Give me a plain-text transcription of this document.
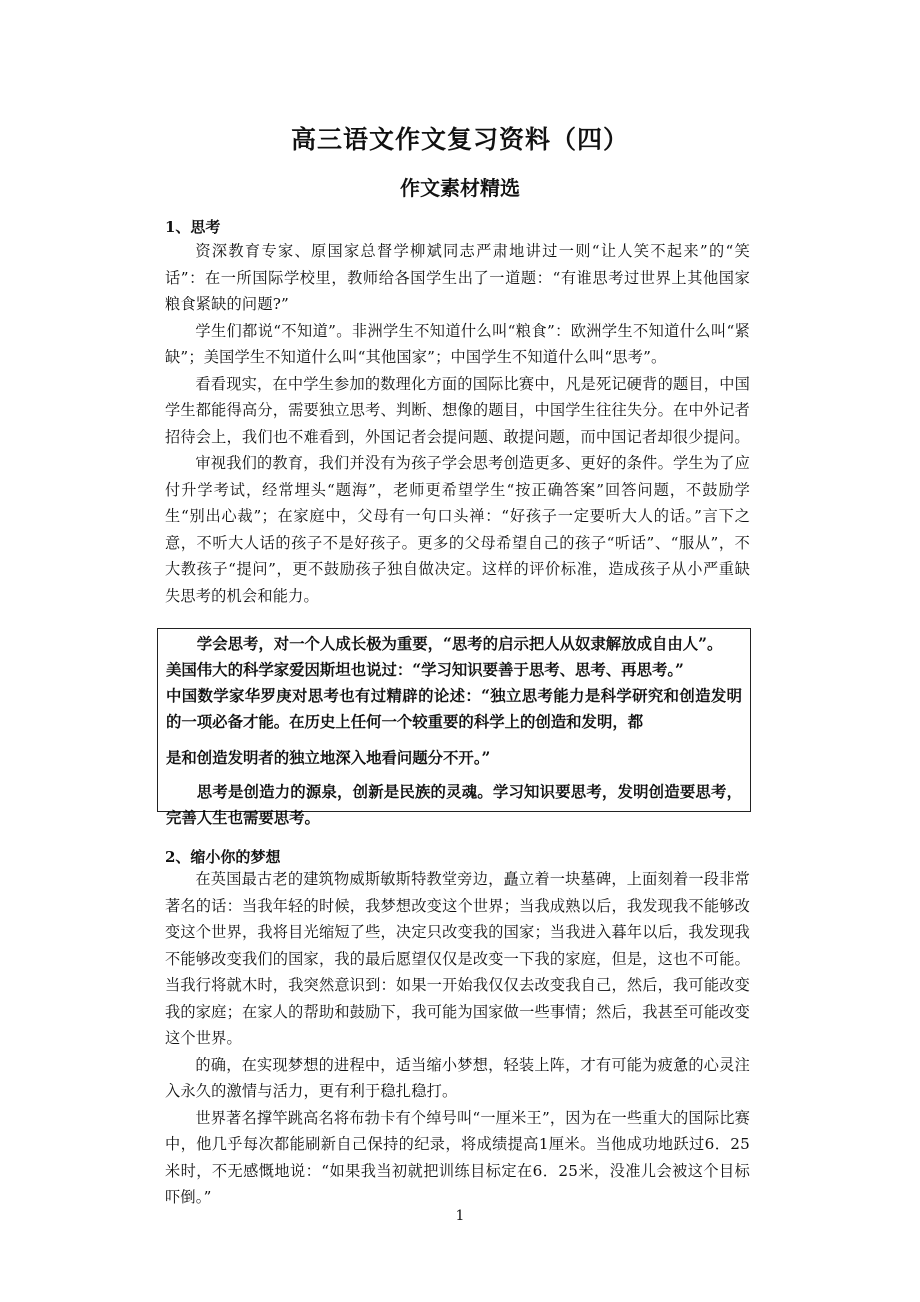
高三语文作文复习资料（四）
作文素材精选
1、思考

资深教育专家、原国家总督学柳斌同志严肃地讲过一则“让人笑不起来”的“笑话”：在一所国际学校里，教师给各国学生出了一道题：“有谁思考过世界上其他国家粮食紧缺的问题?”

学生们都说“不知道”。非洲学生不知道什么叫“粮食”：欧洲学生不知道什么叫“紧缺”；美国学生不知道什么叫“其他国家”；中国学生不知道什么叫“思考”。

看看现实，在中学生参加的数理化方面的国际比赛中，凡是死记硬背的题目，中国学生都能得高分，需要独立思考、判断、想像的题目，中国学生往往失分。在中外记者招待会上，我们也不难看到，外国记者会提问题、敢提问题，而中国记者却很少提问。

审视我们的教育，我们并没有为孩子学会思考创造更多、更好的条件。学生为了应付升学考试，经常埋头“题海”，老师更希望学生“按正确答案”回答问题，不鼓励学生“别出心裁”；在家庭中，父母有一句口头禅：“好孩子一定要听大人的话。”言下之意，不听大人话的孩子不是好孩子。更多的父母希望自己的孩子“听话”、“服从”，不大教孩子“提问”，更不鼓励孩子独自做决定。这样的评价标准，造成孩子从小严重缺失思考的机会和能力。

学会思考，对一个人成长极为重要，“思考的启示把人从奴隶解放成自由人”。

美国伟大的科学家爱因斯坦也说过：“学习知识要善于思考、思考、再思考。”

中国数学家华罗庚对思考也有过精辟的论述：“独立思考能力是科学研究和创造发明的一项必备才能。在历史上任何一个较重要的科学上的创造和发明，都

是和创造发明者的独立地深入地看问题分不开。”

思考是创造力的源泉，创新是民族的灵魂。学习知识要思考，发明创造要思考，完善人生也需要思考。

2、缩小你的梦想

在英国最古老的建筑物威斯敏斯特教堂旁边，矗立着一块墓碑，上面刻着一段非常著名的话：当我年轻的时候，我梦想改变这个世界；当我成熟以后，我发现我不能够改变这个世界，我将目光缩短了些，决定只改变我的国家；当我进入暮年以后，我发现我不能够改变我们的国家，我的最后愿望仅仅是改变一下我的家庭，但是，这也不可能。当我行将就木时，我突然意识到：如果一开始我仅仅去改变我自己，然后，我可能改变我的家庭；在家人的帮助和鼓励下，我可能为国家做一些事情；然后，我甚至可能改变这个世界。

的确，在实现梦想的进程中，适当缩小梦想，轻装上阵，才有可能为疲惫的心灵注入永久的激情与活力，更有利于稳扎稳打。

世界著名撑竿跳高名将布勃卡有个绰号叫“一厘米王”，因为在一些重大的国际比赛中，他几乎每次都能刷新自己保持的纪录，将成绩提高1厘米。当他成功地跃过6．25米时，不无感慨地说：“如果我当初就把训练目标定在6．25米，没准儿会被这个目标吓倒。”

1
